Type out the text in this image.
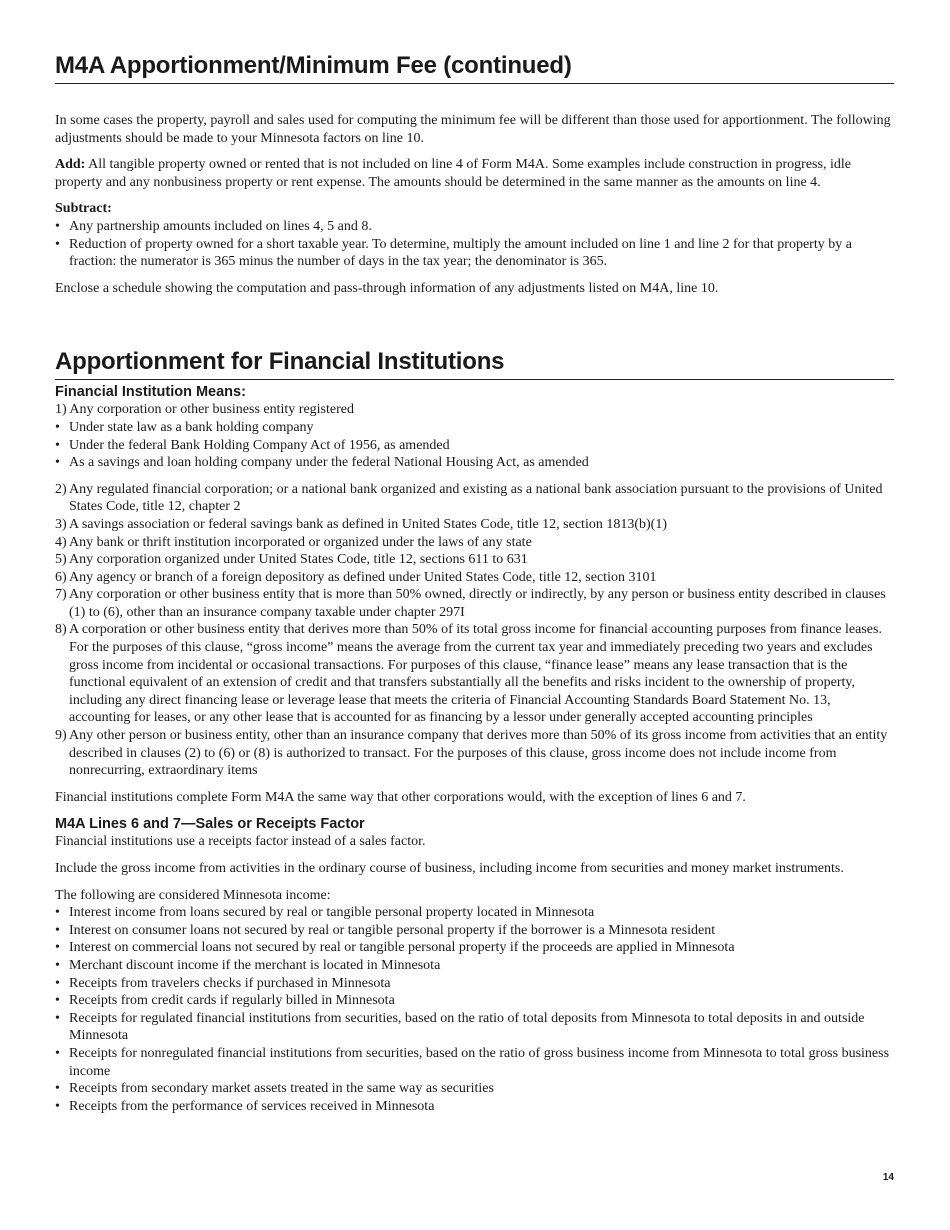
M4A Apportionment/Minimum Fee (continued)

In some cases the property, payroll and sales used for computing the minimum fee will be different than those used for apportionment. The following adjustments should be made to your Minnesota factors on line 10.

Add: All tangible property owned or rented that is not included on line 4 of Form M4A. Some examples include construction in progress, idle property and any nonbusiness property or rent expense. The amounts should be determined in the same manner as the amounts on line 4.

Subtract:

• Any partnership amounts included on lines 4, 5 and 8.
• Reduction of property owned for a short taxable year. To determine, multiply the amount included on line 1 and line 2 for that property by a fraction: the numerator is 365 minus the number of days in the tax year; the denominator is 365.

Enclose a schedule showing the computation and pass-through information of any adjustments listed on M4A, line 10.

Apportionment for Financial Institutions
Financial Institution Means:

1) Any corporation or other business entity registered

• Under state law as a bank holding company
• Under the federal Bank Holding Company Act of 1956, as amended
• As a savings and loan holding company under the federal National Housing Act, as amended
2) Any regulated financial corporation; or a national bank organized and existing as a national bank association pursuant to the provisions of United States Code, title 12, chapter 2
3) A savings association or federal savings bank as defined in United States Code, title 12, section 1813(b)(1)
4) Any bank or thrift institution incorporated or organized under the laws of any state
5) Any corporation organized under United States Code, title 12, sections 611 to 631
6) Any agency or branch of a foreign depository as defined under United States Code, title 12, section 3101
7) Any corporation or other business entity that is more than 50% owned, directly or indirectly, by any person or business entity described in clauses (1) to (6), other than an insurance company taxable under chapter 297I
8) A corporation or other business entity that derives more than 50% of its total gross income for financial accounting purposes from finance leases. For the purposes of this clause, “gross income” means the average from the current tax year and immediately preceding two years and excludes gross income from incidental or occasional transactions. For purposes of this clause, “finance lease” means any lease transaction that is the functional equivalent of an extension of credit and that transfers substantially all the benefits and risks incident to the ownership of property, including any direct financing lease or leverage lease that meets the criteria of Financial Accounting Standards Board Statement No. 13, accounting for leases, or any other lease that is accounted for as financing by a lessor under generally accepted accounting principles
9) Any other person or business entity, other than an insurance company that derives more than 50% of its gross income from activities that an entity described in clauses (2) to (6) or (8) is authorized to transact. For the purposes of this clause, gross income does not include income from nonrecurring, extraordinary items

Financial institutions complete Form M4A the same way that other corporations would, with the exception of lines 6 and 7.

M4A Lines 6 and 7—Sales or Receipts Factor

Financial institutions use a receipts factor instead of a sales factor.

Include the gross income from activities in the ordinary course of business, including income from securities and money market instruments.

The following are considered Minnesota income:

• Interest income from loans secured by real or tangible personal property located in Minnesota
• Interest on consumer loans not secured by real or tangible personal property if the borrower is a Minnesota resident
• Interest on commercial loans not secured by real or tangible personal property if the proceeds are applied in Minnesota
• Merchant discount income if the merchant is located in Minnesota
• Receipts from travelers checks if purchased in Minnesota
• Receipts from credit cards if regularly billed in Minnesota
• Receipts for regulated financial institutions from securities, based on the ratio of total deposits from Minnesota to total deposits in and outside Minnesota
• Receipts for nonregulated financial institutions from securities, based on the ratio of gross business income from Minnesota to total gross business income
• Receipts from secondary market assets treated in the same way as securities
• Receipts from the performance of services received in Minnesota
14
